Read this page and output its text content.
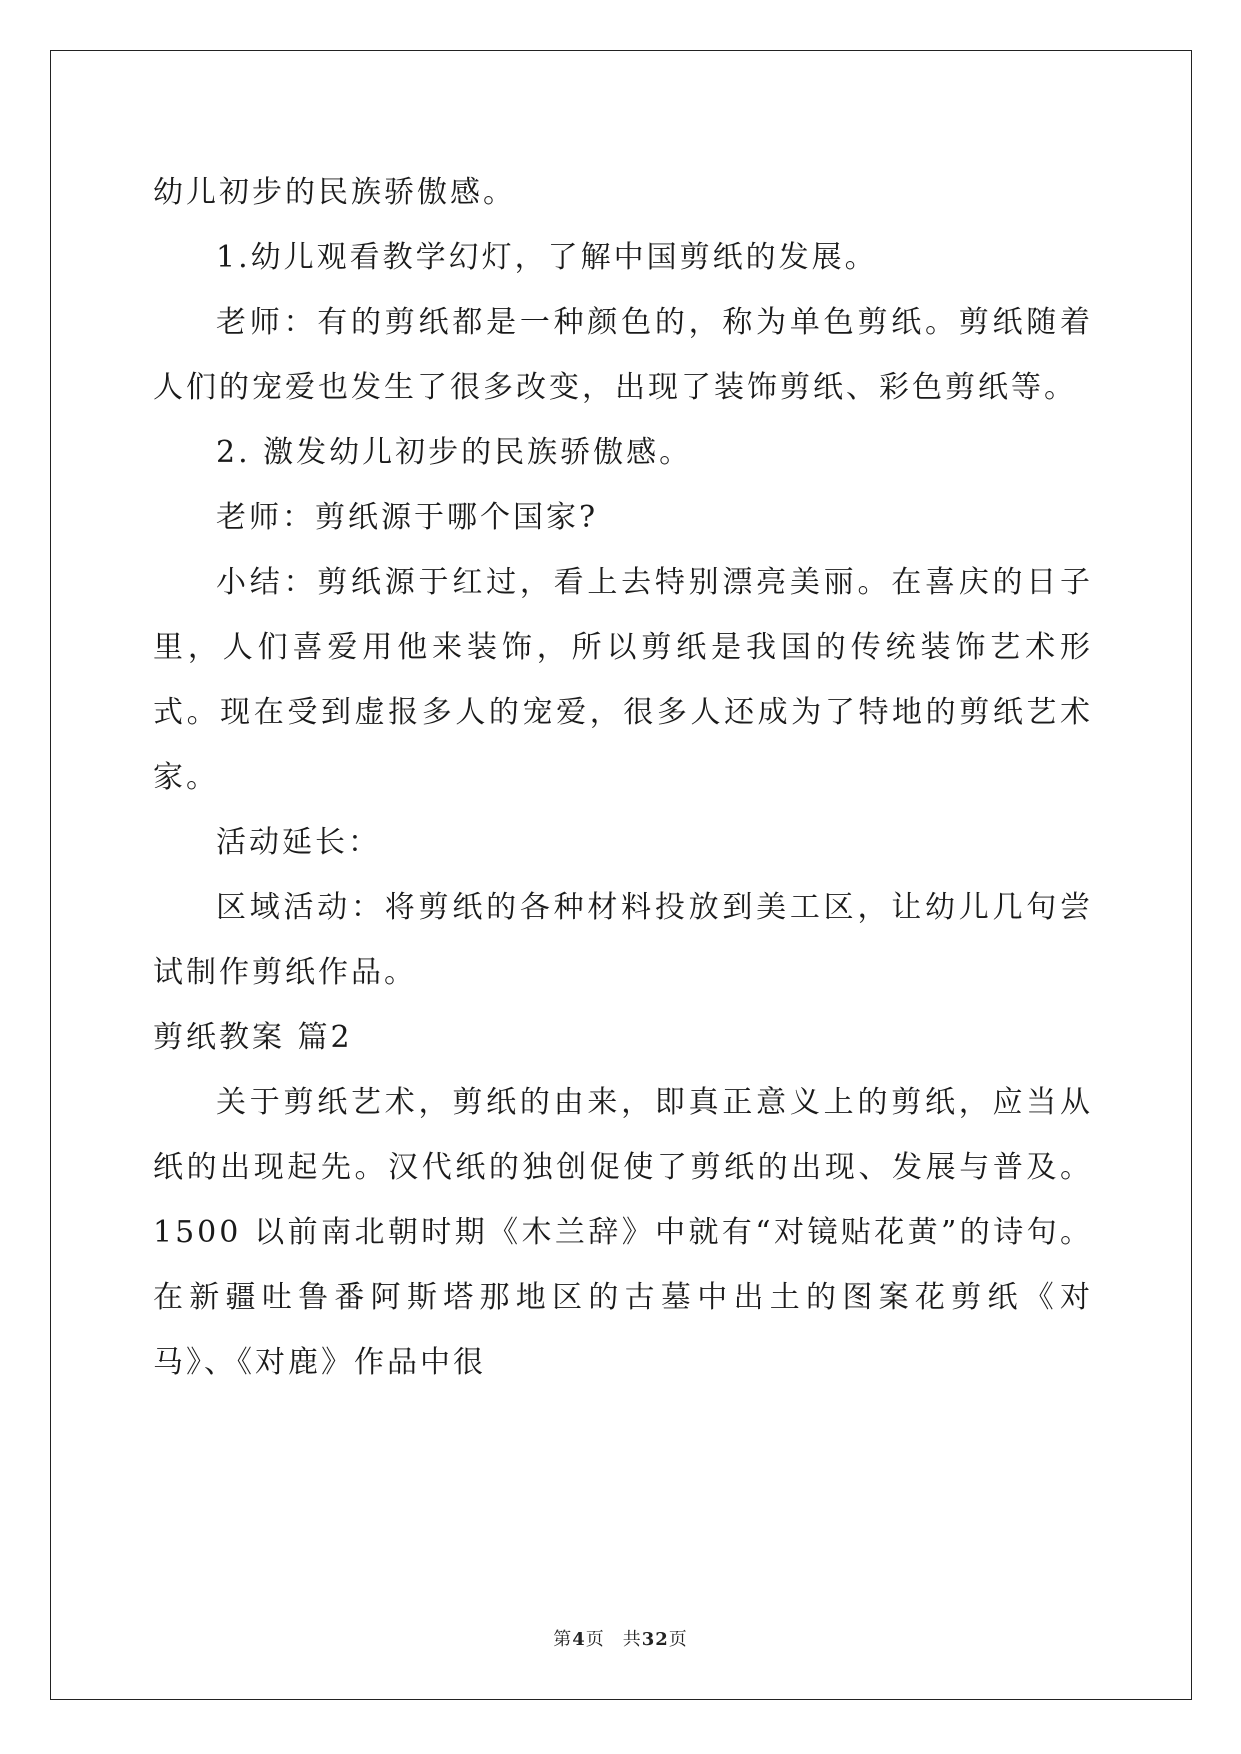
幼儿初步的民族骄傲感。

1.幼儿观看教学幻灯，了解中国剪纸的发展。

老师：有的剪纸都是一种颜色的，称为单色剪纸。剪纸随着人们的宠爱也发生了很多改变，出现了装饰剪纸、彩色剪纸等。

2. 激发幼儿初步的民族骄傲感。

老师：剪纸源于哪个国家?

小结：剪纸源于红过，看上去特别漂亮美丽。在喜庆的日子里，人们喜爱用他来装饰，所以剪纸是我国的传统装饰艺术形式。现在受到虚报多人的宠爱，很多人还成为了特地的剪纸艺术家。

活动延长：

区域活动：将剪纸的各种材料投放到美工区，让幼儿几句尝试制作剪纸作品。

剪纸教案 篇2

关于剪纸艺术，剪纸的由来，即真正意义上的剪纸，应当从纸的出现起先。汉代纸的独创促使了剪纸的出现、发展与普及。1500 以前南北朝时期《木兰辞》中就有“对镜贴花黄”的诗句。在新疆吐鲁番阿斯塔那地区的古墓中出土的图案花剪纸《对马》、《对鹿》作品中很

第4页 共32页
